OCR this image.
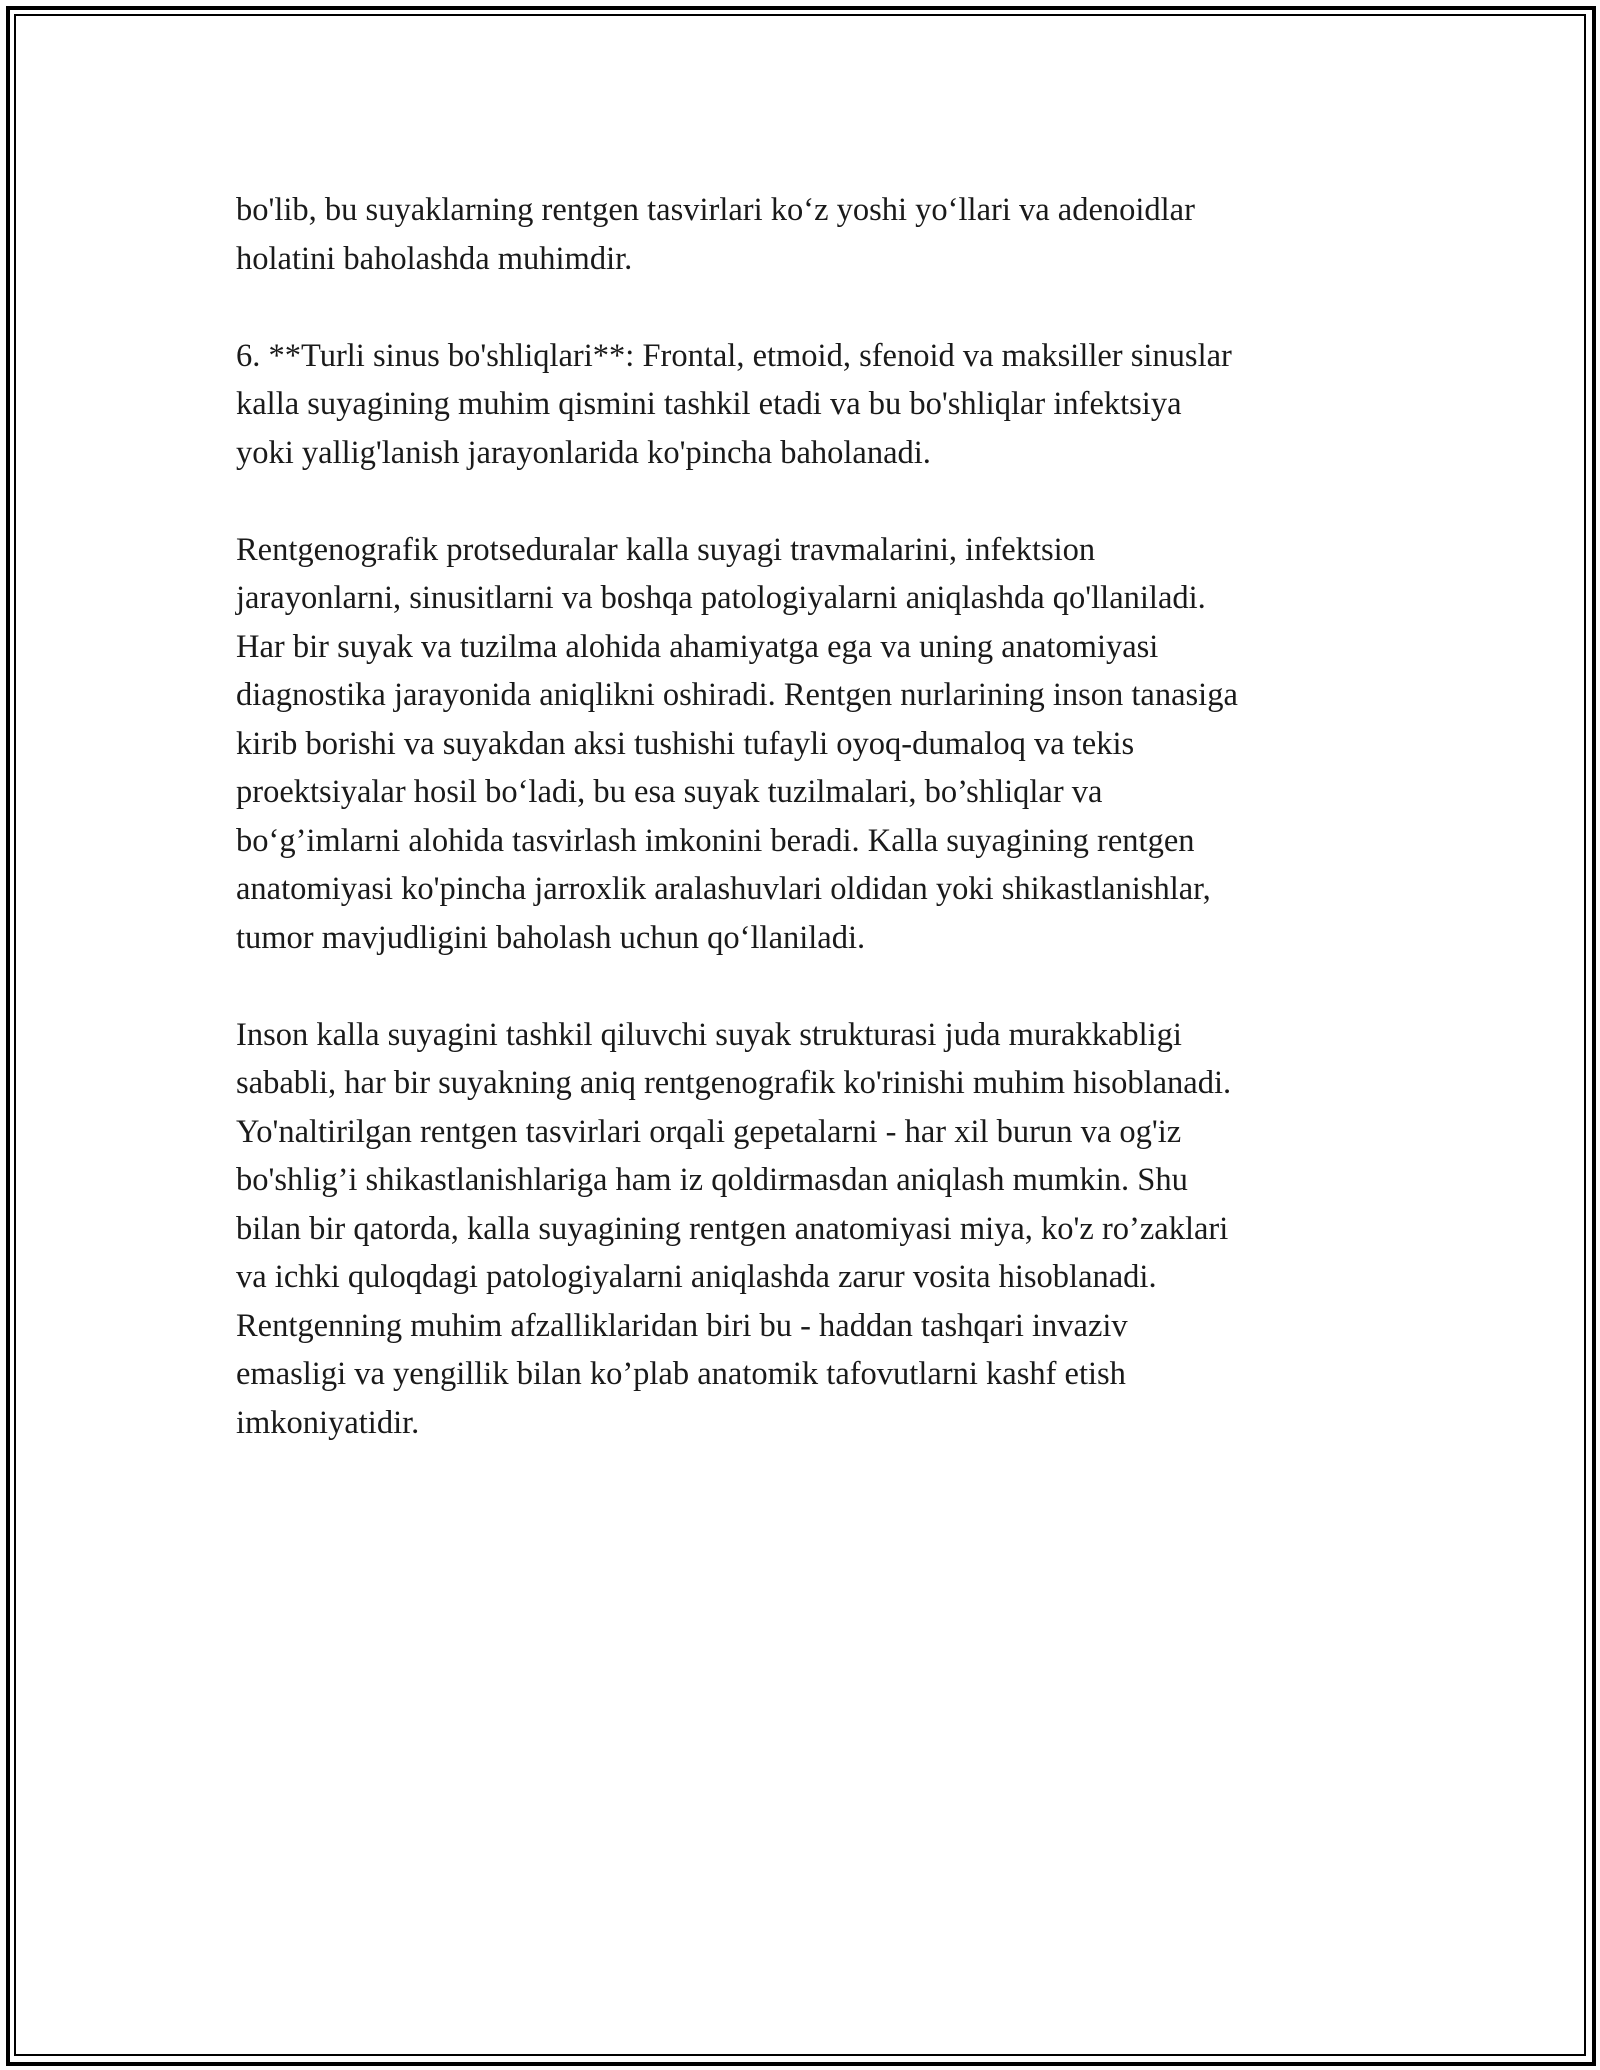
bo'lib, bu suyaklarning rentgen tasvirlari ko‘z yoshi yo‘llari va adenoidlar
holatini baholashda muhimdir.
6. **Turli sinus bo'shliqlari**: Frontal, etmoid, sfenoid va maksiller sinuslar
kalla suyagining muhim qismini tashkil etadi va bu bo'shliqlar infektsiya
yoki yallig'lanish jarayonlarida ko'pincha baholanadi.
Rentgenografik protseduralar kalla suyagi travmalarini, infektsion
jarayonlarni, sinusitlarni va boshqa patologiyalarni aniqlashda qo'llaniladi.
Har bir suyak va tuzilma alohida ahamiyatga ega va uning anatomiyasi
diagnostika jarayonida aniqlikni oshiradi. Rentgen nurlarining inson tanasiga
kirib borishi va suyakdan aksi tushishi tufayli oyoq-dumaloq va tekis
proektsiyalar hosil bo‘ladi, bu esa suyak tuzilmalari, bo’shliqlar va
bo‘g’imlarni alohida tasvirlash imkonini beradi. Kalla suyagining rentgen
anatomiyasi ko'pincha jarroxlik aralashuvlari oldidan yoki shikastlanishlar,
tumor mavjudligini baholash uchun qo‘llaniladi.
Inson kalla suyagini tashkil qiluvchi suyak strukturasi juda murakkabligi
sababli, har bir suyakning aniq rentgenografik ko'rinishi muhim hisoblanadi.
Yo'naltirilgan rentgen tasvirlari orqali gepetalarni - har xil burun va og'iz
bo'shlig’i shikastlanishlariga ham iz qoldirmasdan aniqlash mumkin. Shu
bilan bir qatorda, kalla suyagining rentgen anatomiyasi miya, ko'z ro’zaklari
va ichki quloqdagi patologiyalarni aniqlashda zarur vosita hisoblanadi.
Rentgenning muhim afzalliklaridan biri bu - haddan tashqari invaziv
emasligi va yengillik bilan ko’plab anatomik tafovutlarni kashf etish
imkoniyatidir.
